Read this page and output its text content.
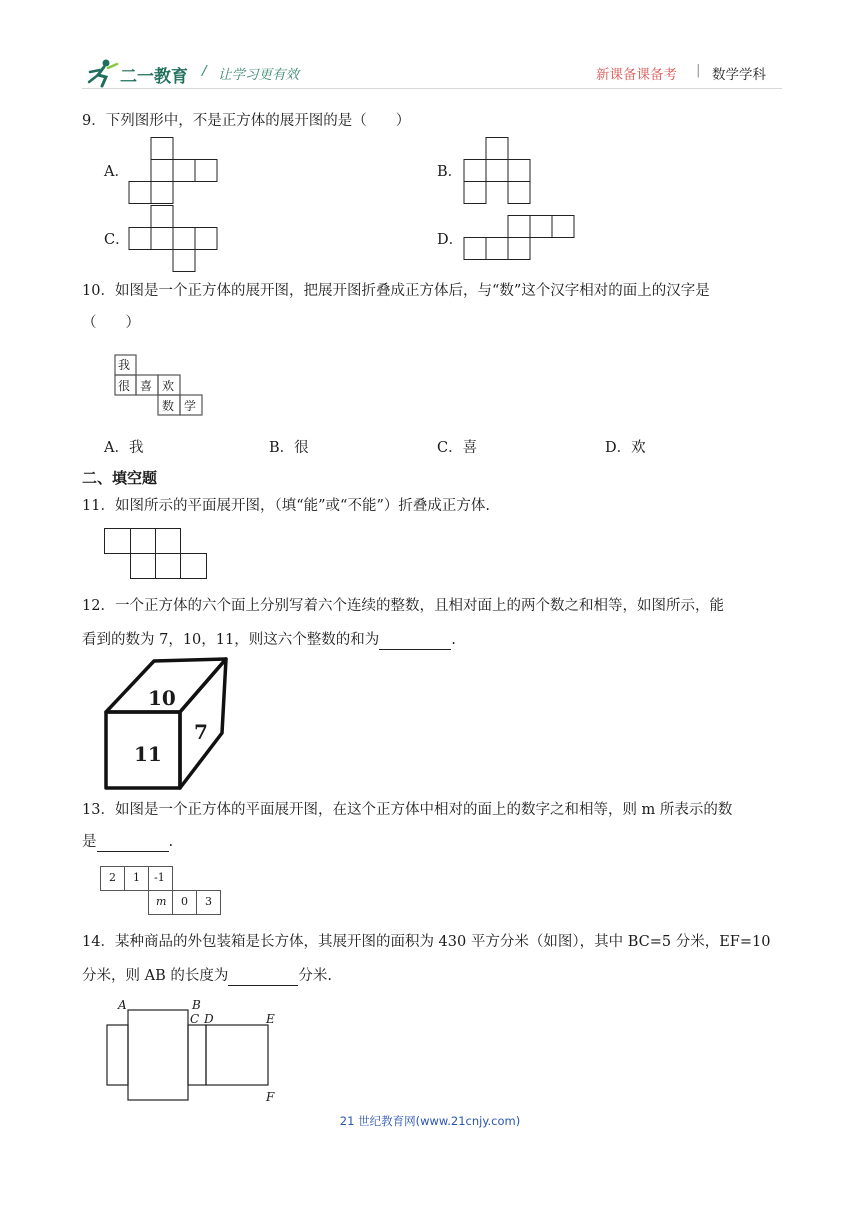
二一教育 / 让学习更有效	新课备课备考 | 数学学科
9．下列图形中，不是正方体的展开图的是（　　）
A．	B．
C．	D．
10．如图是一个正方体的展开图，把展开图折叠成正方体后，与“数”这个汉字相对的面上的汉字是
（　　）
我
很 喜 欢
数 学
A．我	B．很	C．喜	D．欢
二、填空题
11．如图所示的平面展开图，（填“能”或“不能”）折叠成正方体.
12．一个正方体的六个面上分别写着六个连续的整数，且相对面上的两个数之和相等，如图所示，能
看到的数为 7，10，11，则这六个整数的和为	.
10
11
7
13．如图是一个正方体的平面展开图，在这个正方体中相对的面上的数字之和相等，则 m 所表示的数
是	.
2 1 -1
m 0 3
14．某种商品的外包装箱是长方体，其展开图的面积为 430 平方分米（如图），其中 BC=5 分米，EF=10
分米，则 AB 的长度为	分米.
A	B
C D	E
F
21 世纪教育网(www.21cnjy.com)
